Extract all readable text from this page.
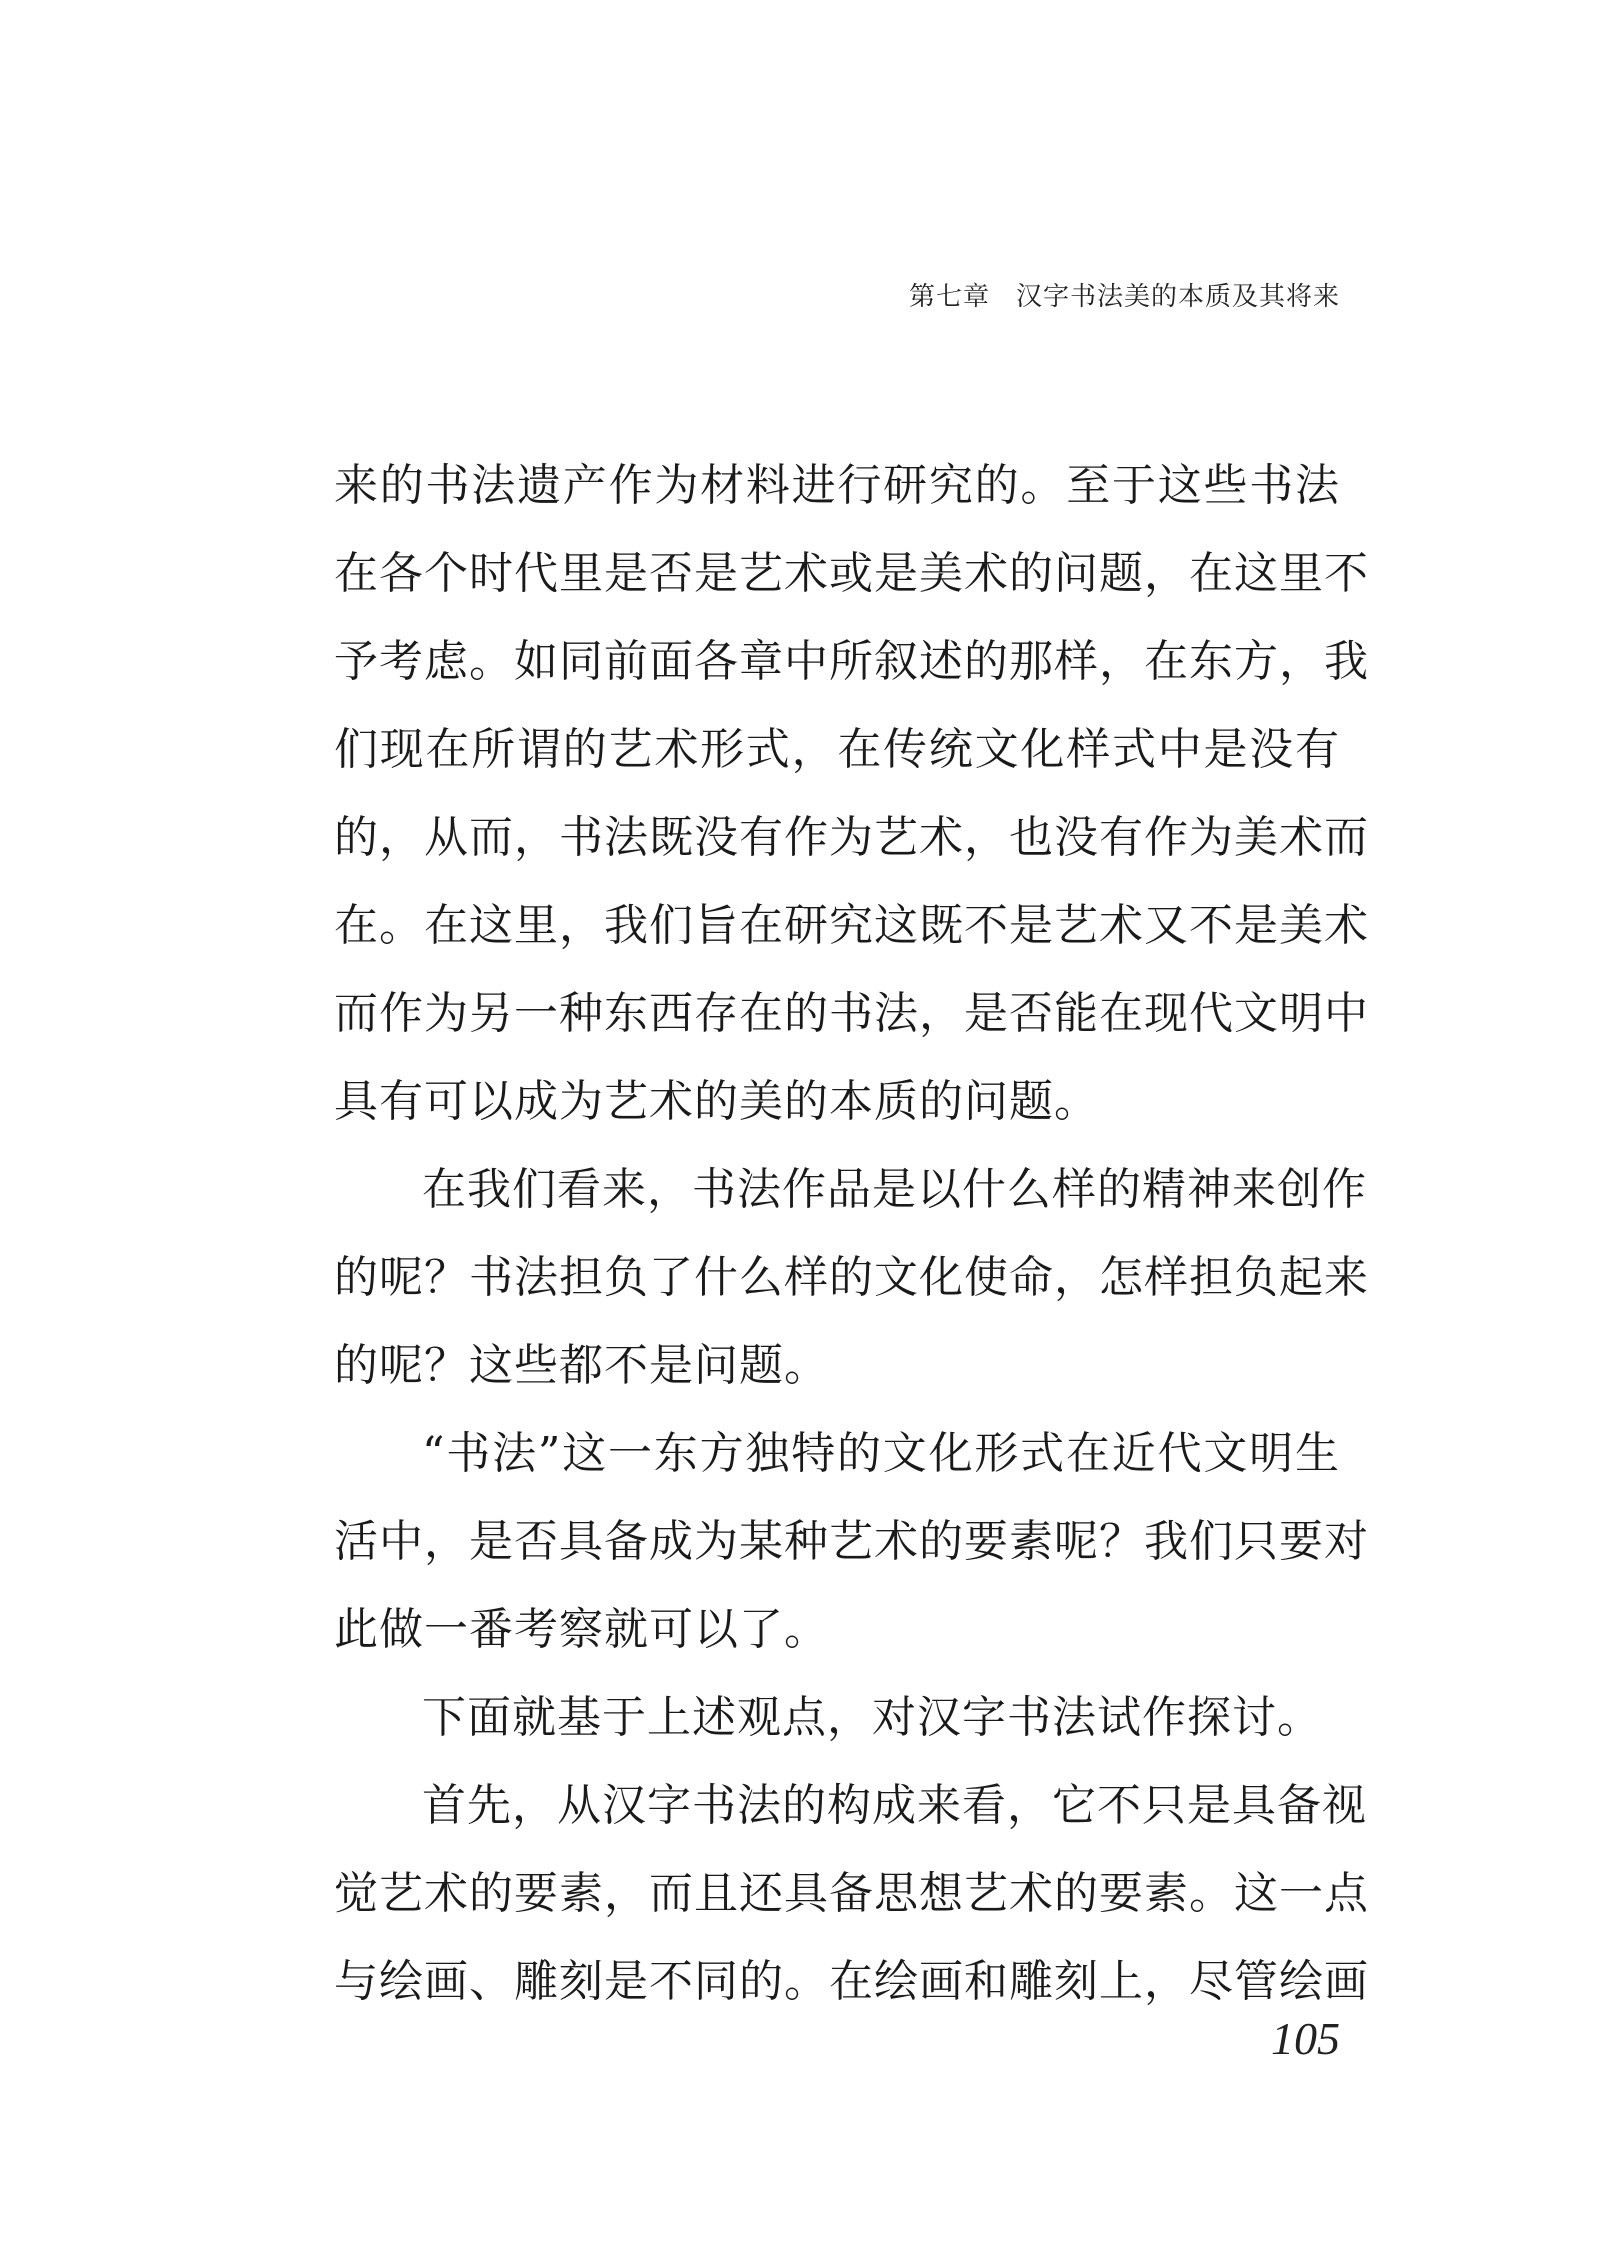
第七章 汉字书法美的本质及其将来
来的书法遗产作为材料进行研究的。至于这些书法
在各个时代里是否是艺术或是美术的问题，在这里不
予考虑。如同前面各章中所叙述的那样，在东方，我
们现在所谓的艺术形式，在传统文化样式中是没有
的，从而，书法既没有作为艺术，也没有作为美术而
在。在这里，我们旨在研究这既不是艺术又不是美术
而作为另一种东西存在的书法，是否能在现代文明中
具有可以成为艺术的美的本质的问题。
在我们看来，书法作品是以什么样的精神来创作
的呢？书法担负了什么样的文化使命，怎样担负起来
的呢？这些都不是问题。
“书法”这一东方独特的文化形式在近代文明生
活中，是否具备成为某种艺术的要素呢？我们只要对
此做一番考察就可以了。
下面就基于上述观点，对汉字书法试作探讨。
首先，从汉字书法的构成来看，它不只是具备视
觉艺术的要素，而且还具备思想艺术的要素。这一点
与绘画、雕刻是不同的。在绘画和雕刻上，尽管绘画
105
